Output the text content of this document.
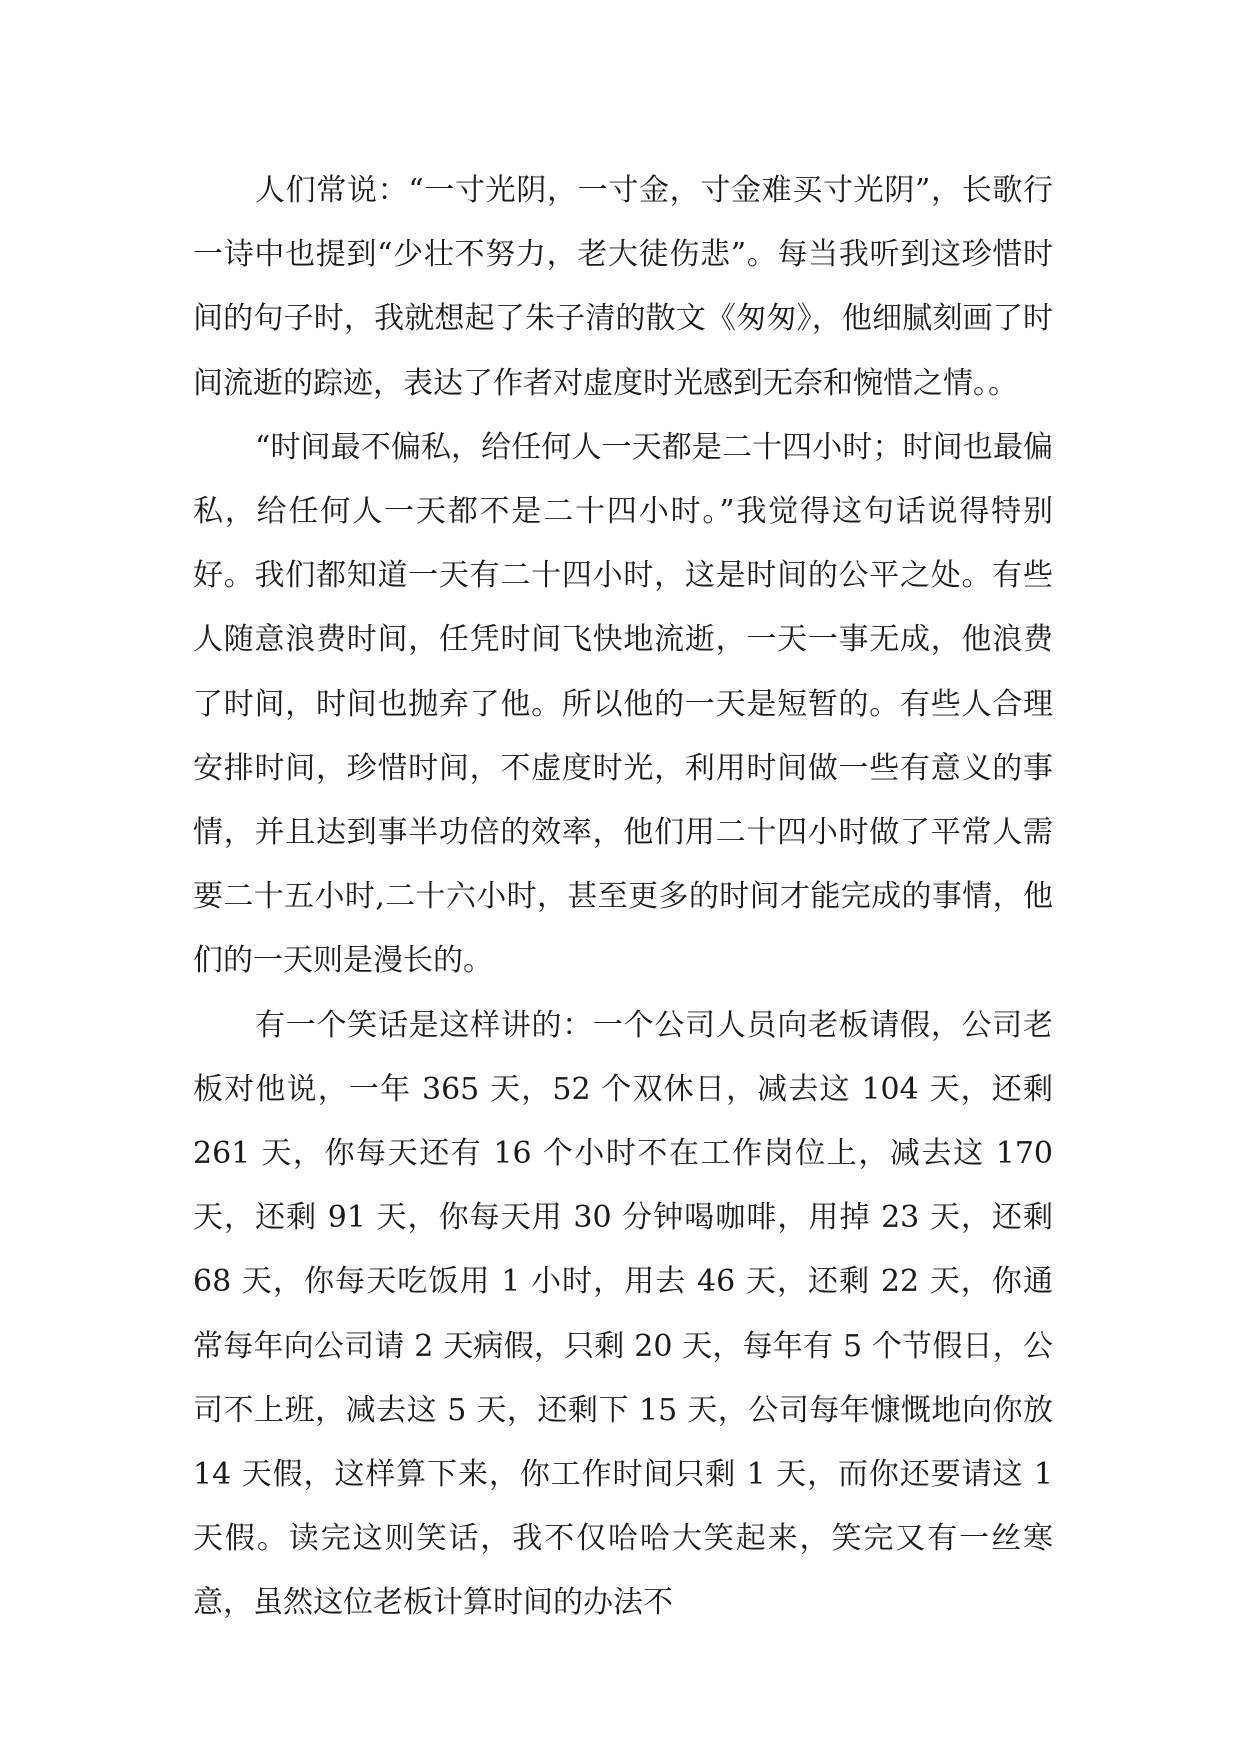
人们常说：“一寸光阴，一寸金，寸金难买寸光阴”，长歌行一诗中也提到“少壮不努力，老大徒伤悲”。每当我听到这珍惜时间的句子时，我就想起了朱子清的散文《匆匆》，他细腻刻画了时间流逝的踪迹，表达了作者对虚度时光感到无奈和惋惜之情。。

“时间最不偏私，给任何人一天都是二十四小时；时间也最偏私，给任何人一天都不是二十四小时。”我觉得这句话说得特别好。我们都知道一天有二十四小时，这是时间的公平之处。有些人随意浪费时间，任凭时间飞快地流逝，一天一事无成，他浪费了时间，时间也抛弃了他。所以他的一天是短暂的。有些人合理安排时间，珍惜时间，不虚度时光，利用时间做一些有意义的事情，并且达到事半功倍的效率，他们用二十四小时做了平常人需要二十五小时,二十六小时，甚至更多的时间才能完成的事情，他们的一天则是漫长的。

有一个笑话是这样讲的：一个公司人员向老板请假，公司老板对他说，一年 365 天，52 个双休日，减去这 104 天，还剩 261 天，你每天还有 16 个小时不在工作岗位上，减去这 170 天，还剩 91 天，你每天用 30 分钟喝咖啡，用掉 23 天，还剩 68 天，你每天吃饭用 1 小时，用去 46 天，还剩 22 天，你通常每年向公司请 2 天病假，只剩 20 天，每年有 5 个节假日，公司不上班，减去这 5 天，还剩下 15 天，公司每年慷慨地向你放 14 天假，这样算下来，你工作时间只剩 1 天，而你还要请这 1 天假。读完这则笑话，我不仅哈哈大笑起来，笑完又有一丝寒意，虽然这位老板计算时间的办法不
